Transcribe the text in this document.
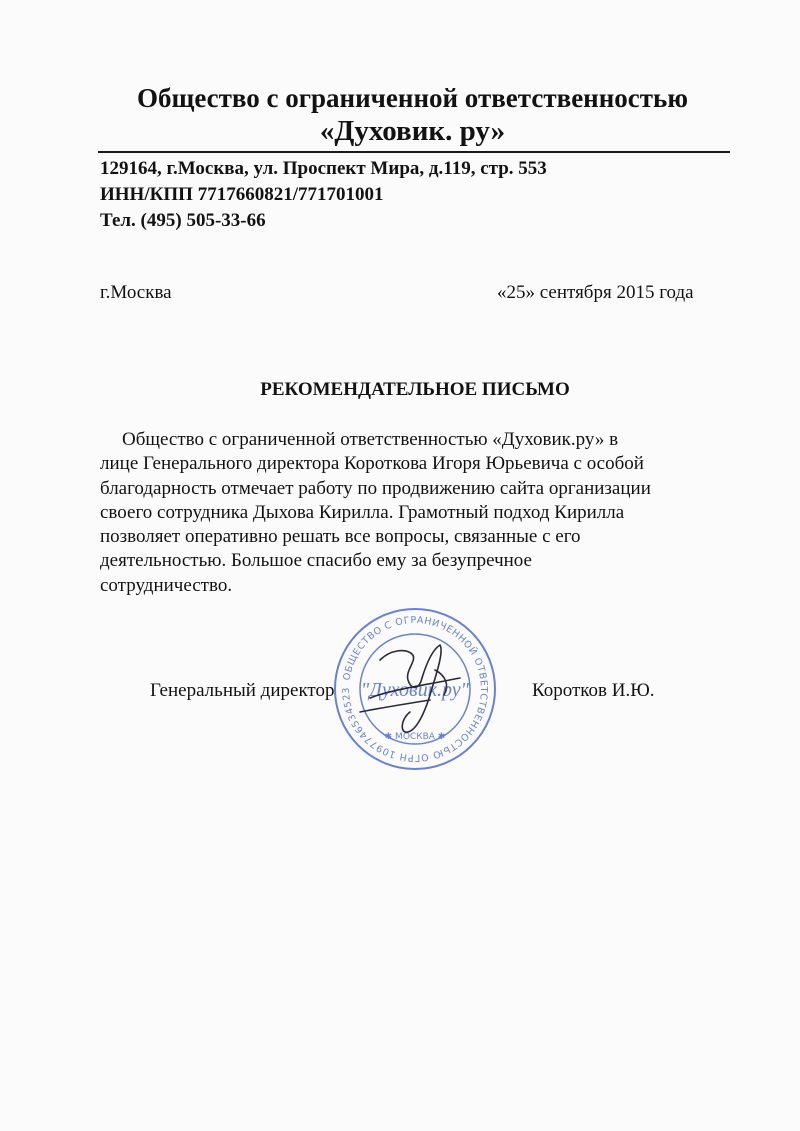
Общество с ограниченной ответственностью
«Духовик. ру»
129164, г.Москва, ул. Проспект Мира, д.119, стр. 553
ИНН/КПП 7717660821/771701001
Тел. (495) 505-33-66
г.Москва	«25» сентября 2015 года
РЕКОМЕНДАТЕЛЬНОЕ ПИСЬМО
Общество с ограниченной ответственностью «Духовик.ру» в
лице Генерального директора Короткова Игоря Юрьевича с особой
благодарность отмечает работу по продвижению сайта организации
своего сотрудника Дыхова Кирилла. Грамотный подход Кирилла
позволяет оперативно решать все вопросы, связанные с его
деятельностью. Большое спасибо ему за безупречное
сотрудничество.
Генеральный директор	Коротков И.Ю.
ОБЩЕСТВО С ОГРАНИЧЕННОЙ ОТВЕТСТВЕННОСТЬЮ ОГРН 1097746534523 "Духовик.ру"
✱ МОСКВА ✱
